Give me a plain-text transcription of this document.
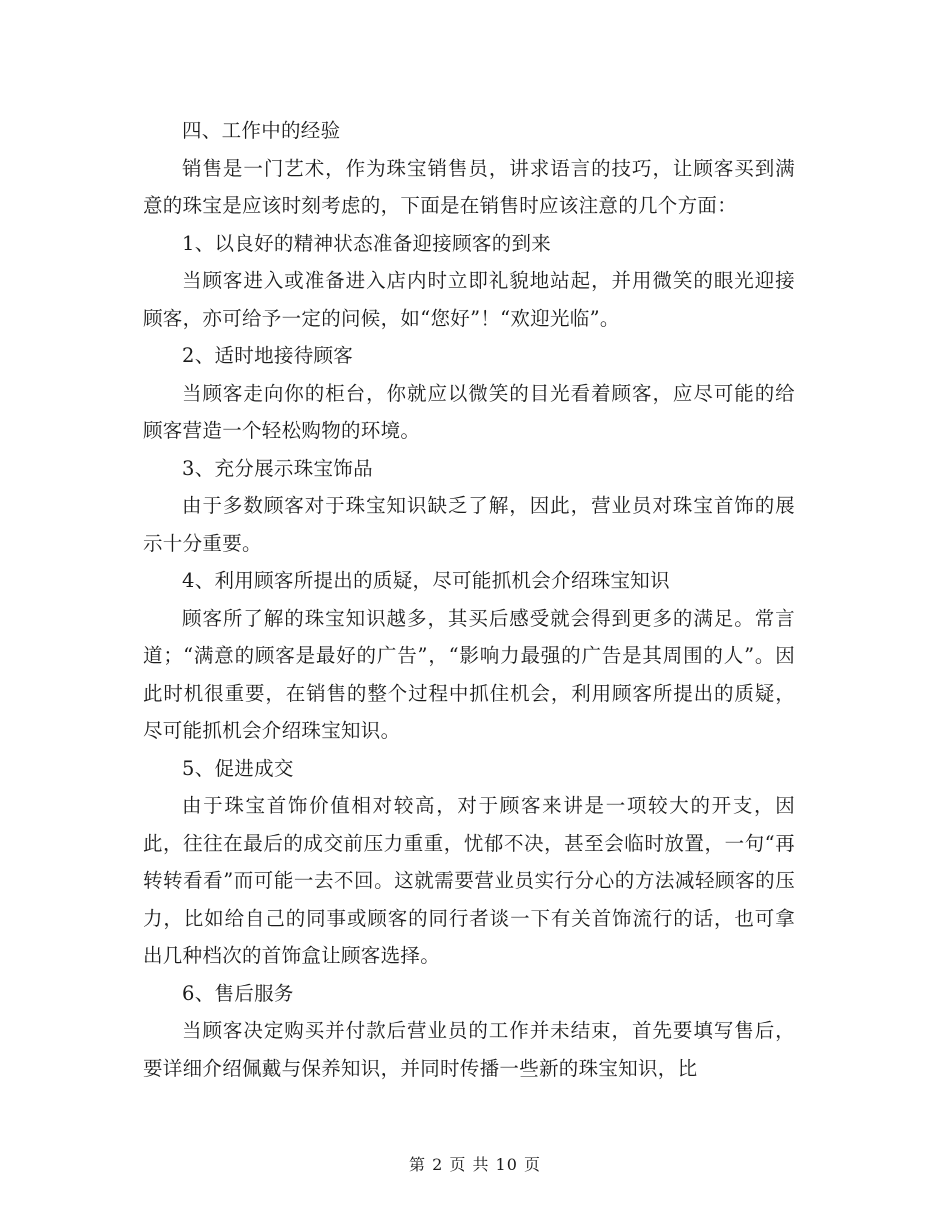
四、工作中的经验

销售是一门艺术，作为珠宝销售员，讲求语言的技巧，让顾客买到满意的珠宝是应该时刻考虑的，下面是在销售时应该注意的几个方面：

1、以良好的精神状态准备迎接顾客的到来

当顾客进入或准备进入店内时立即礼貌地站起，并用微笑的眼光迎接顾客，亦可给予一定的问候，如“您好”！“欢迎光临”。

2、适时地接待顾客

当顾客走向你的柜台，你就应以微笑的目光看着顾客，应尽可能的给顾客营造一个轻松购物的环境。

3、充分展示珠宝饰品

由于多数顾客对于珠宝知识缺乏了解，因此，营业员对珠宝首饰的展示十分重要。

4、利用顾客所提出的质疑，尽可能抓机会介绍珠宝知识

顾客所了解的珠宝知识越多，其买后感受就会得到更多的满足。常言道；“满意的顾客是最好的广告”，“影响力最强的广告是其周围的人”。因此时机很重要，在销售的整个过程中抓住机会，利用顾客所提出的质疑，尽可能抓机会介绍珠宝知识。

5、促进成交

由于珠宝首饰价值相对较高，对于顾客来讲是一项较大的开支，因此，往往在最后的成交前压力重重，忧郁不决，甚至会临时放置，一句“再转转看看”而可能一去不回。这就需要营业员实行分心的方法减轻顾客的压力，比如给自己的同事或顾客的同行者谈一下有关首饰流行的话，也可拿出几种档次的首饰盒让顾客选择。

6、售后服务

当顾客决定购买并付款后营业员的工作并未结束，首先要填写售后，要详细介绍佩戴与保养知识，并同时传播一些新的珠宝知识，比

第 2 页 共 10 页
